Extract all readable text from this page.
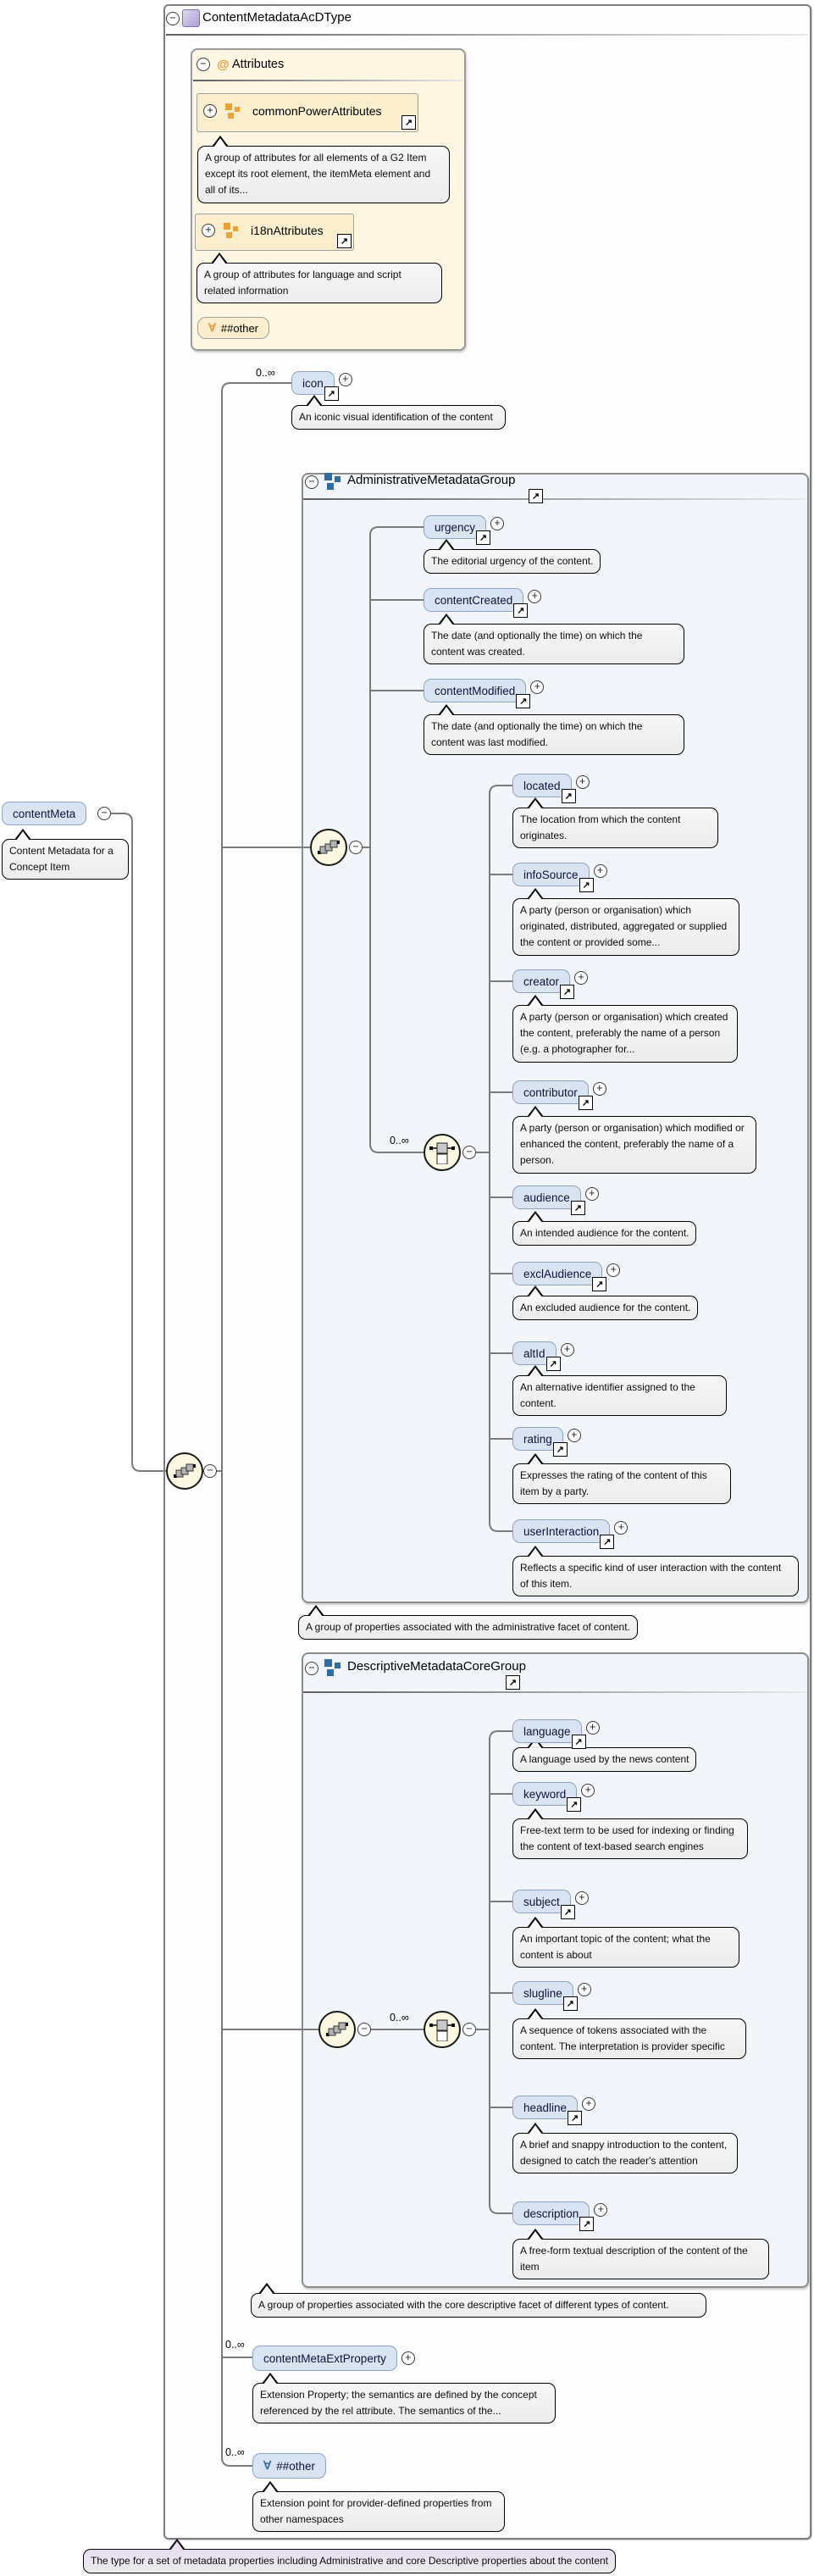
−
ContentMetadataAcDType
−
@ Attributes
+
commonPowerAttributes
↗
A group of attributes for all elements of a G2 Item except its root element, the itemMeta element and all of its...
+
i18nAttributes
↗
A group of attributes for language and script related information
∀
##other
contentMeta
−
Content Metadata for a Concept Item
−
0..∞
icon
+
↗
An iconic visual identification of the content
−
AdministrativeMetadataGroup
↗
−
urgency
+
↗
The editorial urgency of the content.
contentCreated
+
↗
The date (and optionally the time) on which the content was created.
contentModified
+
↗
The date (and optionally the time) on which the content was last modified.
0..∞
−
located
+
↗
The location from which the content originates.
infoSource
+
↗
A party (person or organisation) which originated, distributed, aggregated or supplied the content or provided some...
creator
+
↗
A party (person or organisation) which created the content, preferably the name of a person (e.g. a photographer for...
contributor
+
↗
A party (person or organisation) which modified or enhanced the content, preferably the name of a person.
audience
+
↗
An intended audience for the content.
exclAudience
+
↗
An excluded audience for the content.
altId
+
↗
An alternative identifier assigned to the content.
rating
+
↗
Expresses the rating of the content of this item by a party.
userInteraction
+
↗
Reflects a specific kind of user interaction with the content of this item.
A group of properties associated with the administrative facet of content.
−
DescriptiveMetadataCoreGroup
↗
−
0..∞
−
language
+
↗
A language used by the news content
keyword
+
↗
Free-text term to be used for indexing or finding the content of text-based search engines
subject
+
↗
An important topic of the content; what the content is about
slugline
+
↗
A sequence of tokens associated with the content. The interpretation is provider specific
headline
+
↗
A brief and snappy introduction to the content, designed to catch the reader's attention
description
+
↗
A free-form textual description of the content of the item
A group of properties associated with the core descriptive facet of different types of content.
0..∞
contentMetaExtProperty
+
Extension Property; the semantics are defined by the concept referenced by the rel attribute. The semantics of the...
0..∞
∀
##other
Extension point for provider-defined properties from other namespaces
The type for a set of metadata properties including Administrative and core Descriptive properties about the content
